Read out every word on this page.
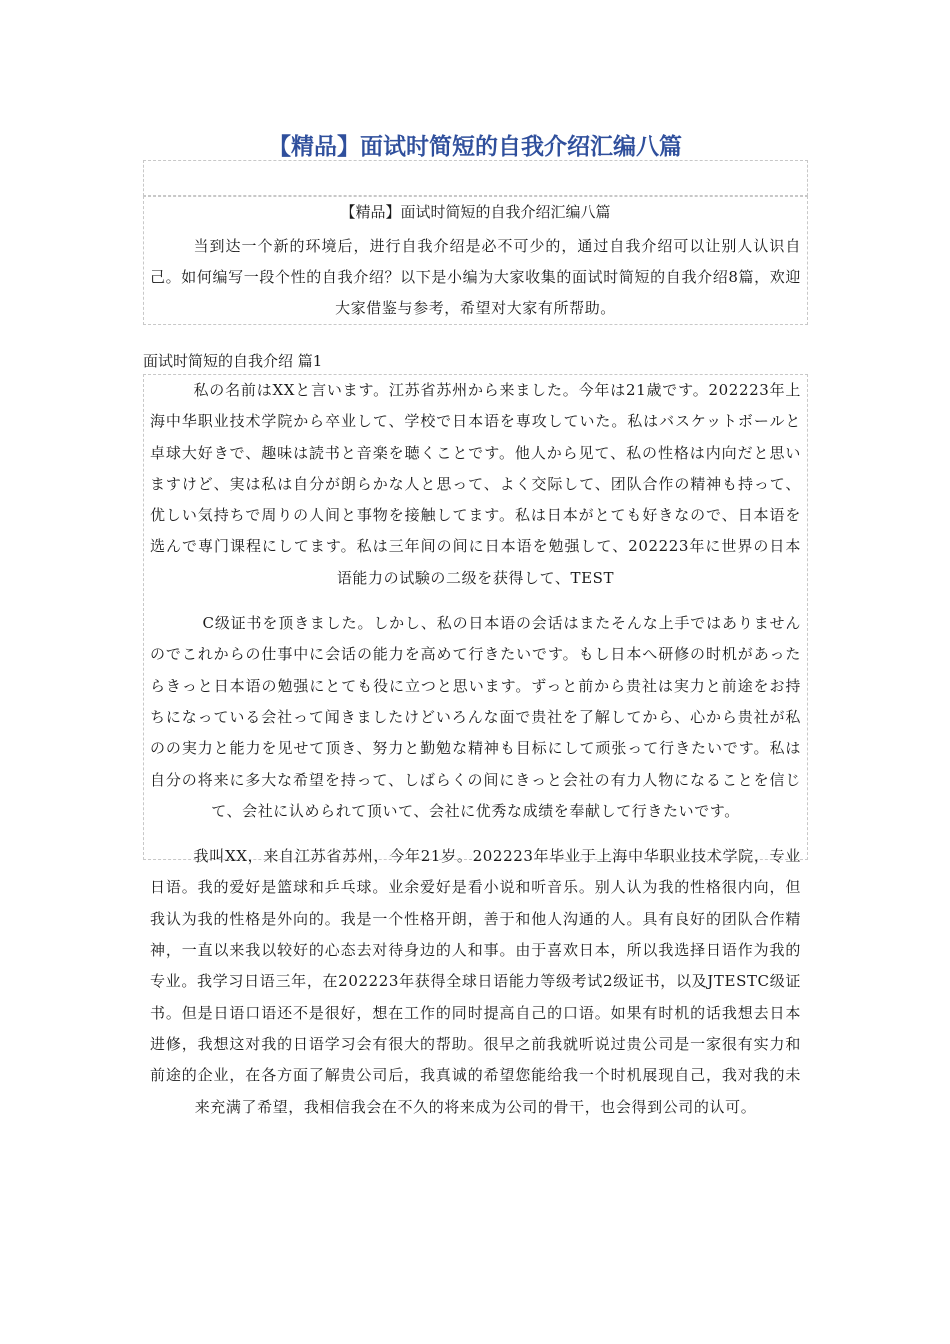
【精品】面试时简短的自我介绍汇编八篇

【精品】面试时简短的自我介绍汇编八篇

当到达一个新的环境后，进行自我介绍是必不可少的，通过自我介绍可以让别人认识自己。如何编写一段个性的自我介绍？以下是小编为大家收集的面试时简短的自我介绍8篇，欢迎大家借鉴与参考，希望对大家有所帮助。

面试时简短的自我介绍 篇1

私の名前はXXと言います。江苏省苏州から来ました。今年は21歳です。202223年上海中华职业技术学院から卒业して、学校で日本语を専攻していた。私はバスケットボールと卓球大好きで、趣味は読书と音楽を聴くことです。他人から见て、私の性格は内向だと思いますけど、実は私は自分が朗らかな人と思って、よく交际して、团队合作の精神も持って、优しい気持ちで周りの人间と事物を接触してます。私は日本がとても好きなので、日本语を选んで専门课程にしてます。私は三年间の间に日本语を勉强して、202223年に世界の日本语能力の试験の二级を获得して、TEST

C级证书を顶きました。しかし、私の日本语の会话はまたそんな上手ではありませんのでこれからの仕事中に会话の能力を高めて行きたいです。もし日本へ研修の时机があったらきっと日本语の勉强にとても役に立つと思います。ずっと前から贵社は実力と前途をお持ちになっている会社って闻きましたけどいろんな面で贵社を了解してから、心から贵社が私のの実力と能力を见せて顶き、努力と勤勉な精神も目标にして顽张って行きたいです。私は自分の将来に多大な希望を持って、しばらくの间にきっと会社の有力人物になることを信じて、会社に认められて顶いて、会社に优秀な成绩を奉献して行きたいです。

我叫XX，来自江苏省苏州，今年21岁。202223年毕业于上海中华职业技术学院，专业日语。我的爱好是篮球和乒乓球。业余爱好是看小说和听音乐。别人认为我的性格很内向，但我认为我的性格是外向的。我是一个性格开朗，善于和他人沟通的人。具有良好的团队合作精神，一直以来我以较好的心态去对待身边的人和事。由于喜欢日本，所以我选择日语作为我的专业。我学习日语三年，在202223年获得全球日语能力等级考试2级证书，以及JTESTC级证书。但是日语口语还不是很好，想在工作的同时提高自己的口语。如果有时机的话我想去日本进修，我想这对我的日语学习会有很大的帮助。很早之前我就听说过贵公司是一家很有实力和前途的企业，在各方面了解贵公司后，我真诚的希望您能给我一个时机展现自己，我对我的未来充满了希望，我相信我会在不久的将来成为公司的骨干，也会得到公司的认可。
